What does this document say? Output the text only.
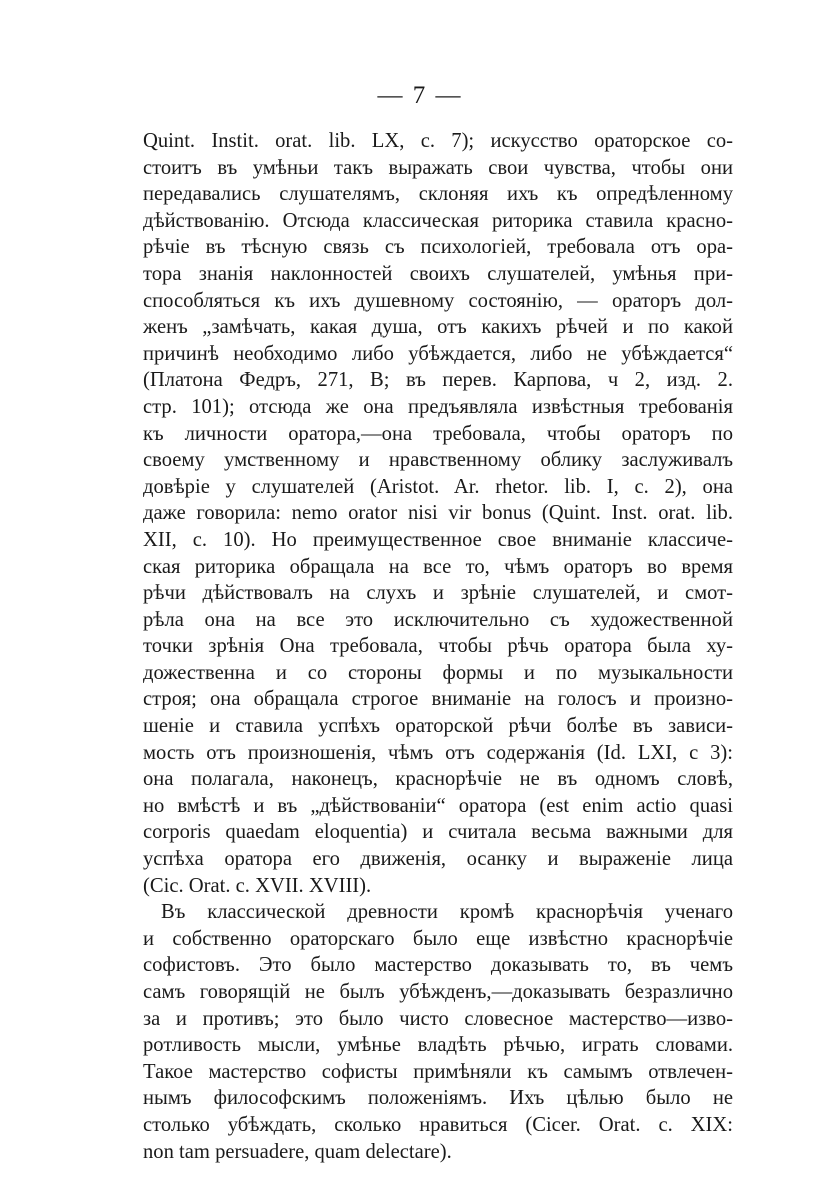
— 7 —
Quint. Instit. orat. lib. LX, c. 7); искусство ораторское со-
стоитъ въ умѣньи такъ выражать свои чувства, чтобы они
передавались слушателямъ, склоняя ихъ къ опредѣленному
дѣйствованію. Отсюда классическая риторика ставила красно-
рѣчіе въ тѣсную связь съ психологіей, требовала отъ ора-
тора знанія наклонностей своихъ слушателей, умѣнья при-
способляться къ ихъ душевному состоянію, — ораторъ дол-
женъ „замѣчать, какая душа, отъ какихъ рѣчей и по какой
причинѣ необходимо либо убѣждается, либо не убѣждается“
(Платона Федръ, 271, В; въ перев. Карпова, ч 2, изд. 2.
стр. 101); отсюда же она предъявляла извѣстныя требованія
къ личности оратора,—она требовала, чтобы ораторъ по
своему умственному и нравственному облику заслуживалъ
довѣріе у слушателей (Aristot. Ar. rhetor. lib. I, c. 2), она
даже говорила: nemo orator nisi vir bonus (Quint. Inst. orat. lib.
XII, c. 10). Но преимущественное свое вниманіе классиче-
ская риторика обращала на все то, чѣмъ ораторъ во время
рѣчи дѣйствовалъ на слухъ и зрѣніе слушателей, и смот-
рѣла она на все это исключительно съ художественной
точки зрѣнія Она требовала, чтобы рѣчь оратора была ху-
дожественна и со стороны формы и по музыкальности
строя; она обращала строгое вниманіе на голосъ и произно-
шеніе и ставила успѣхъ ораторской рѣчи болѣе въ зависи-
мость отъ произношенія, чѣмъ отъ содержанія (Id. LXI, c 3):
она полагала, наконецъ, краснорѣчіе не въ одномъ словѣ,
но вмѣстѣ и въ „дѣйствованіи“ оратора (est enim actio quasi
corporis quaedam eloquentia) и считала весьма важными для
успѣха оратора его движенія, осанку и выраженіе лица
(Cic. Orat. c. XVII. XVIII).
Въ классической древности кромѣ краснорѣчія ученаго
и собственно ораторскаго было еще извѣстно краснорѣчіе
софистовъ. Это было мастерство доказывать то, въ чемъ
самъ говорящій не былъ убѣжденъ,—доказывать безразлично
за и противъ; это было чисто словесное мастерство—изво-
ротливость мысли, умѣнье владѣть рѣчью, играть словами.
Такое мастерство софисты примѣняли къ самымъ отвлечен-
нымъ философскимъ положеніямъ. Ихъ цѣлью было не
столько убѣждать, сколько нравиться (Cicer. Orat. c. XIX:
non tam persuadere, quam delectare).
